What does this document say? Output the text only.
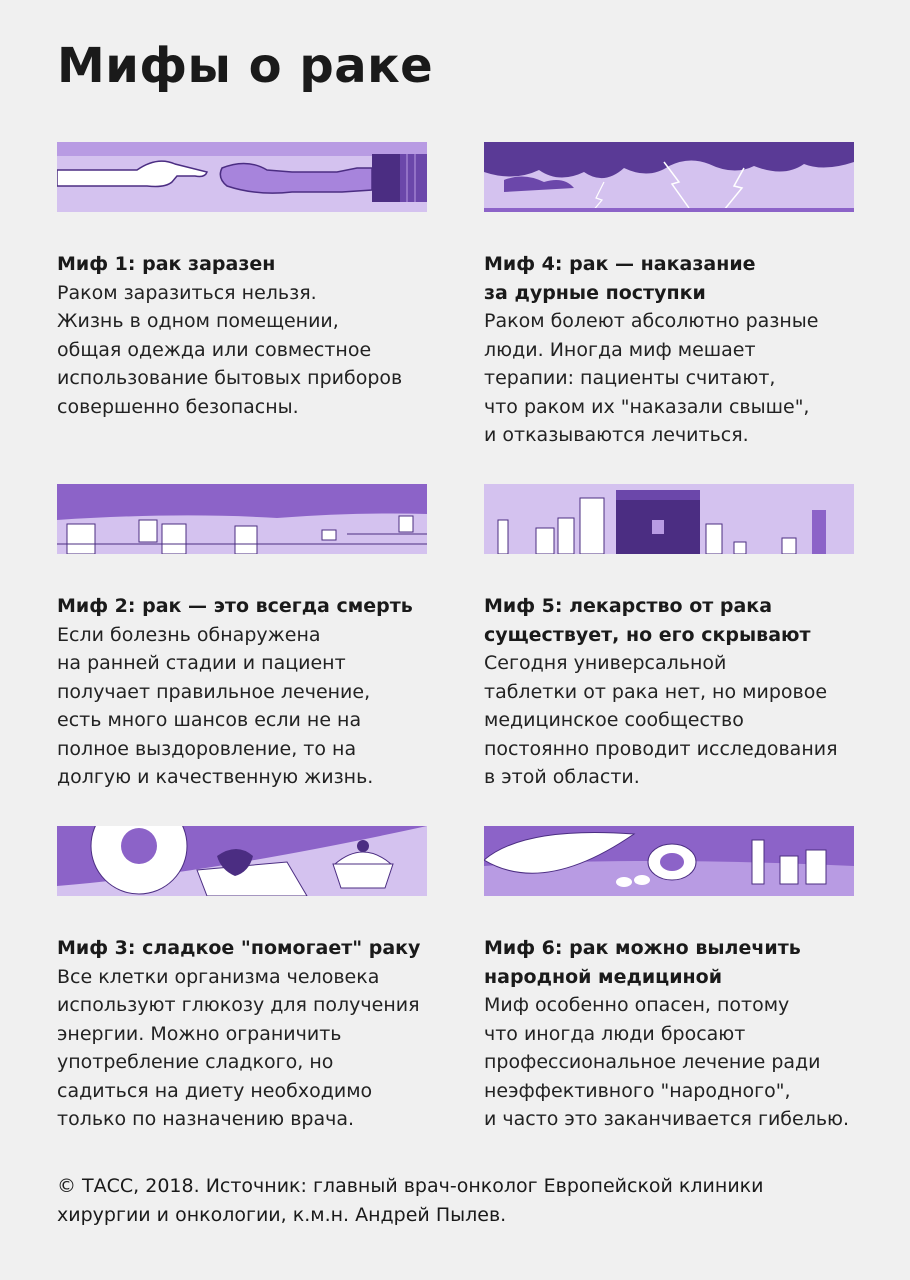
Мифы о раке
Миф 1: рак заразен
Раком заразиться нельзя.
Жизнь в одном помещении,
общая одежда или совместное
использование бытовых приборов
совершенно безопасны.
Миф 4: рак — наказание
за дурные поступки
Раком болеют абсолютно разные
люди. Иногда миф мешает
терапии: пациенты считают,
что раком их "наказали свыше",
и отказываются лечиться.
Миф 2: рак — это всегда смерть
Если болезнь обнаружена
на ранней стадии и пациент
получает правильное лечение,
есть много шансов если не на
полное выздоровление, то на
долгую и качественную жизнь.
Миф 5: лекарство от рака
существует, но его скрывают
Сегодня универсальной
таблетки от рака нет, но мировое
медицинское сообщество
постоянно проводит исследования
в этой области.
Миф 3: сладкое "помогает" раку
Все клетки организма человека
используют глюкозу для получения
энергии. Можно ограничить
употребление сладкого, но
садиться на диету необходимо
только по назначению врача.
Миф 6: рак можно вылечить
народной медициной
Миф особенно опасен, потому
что иногда люди бросают
профессиональное лечение ради
неэффективного "народного",
и часто это заканчивается гибелью.
© ТАСС, 2018. Источник: главный врач-онколог Европейской клиники
хирургии и онкологии, к.м.н. Андрей Пылев.
